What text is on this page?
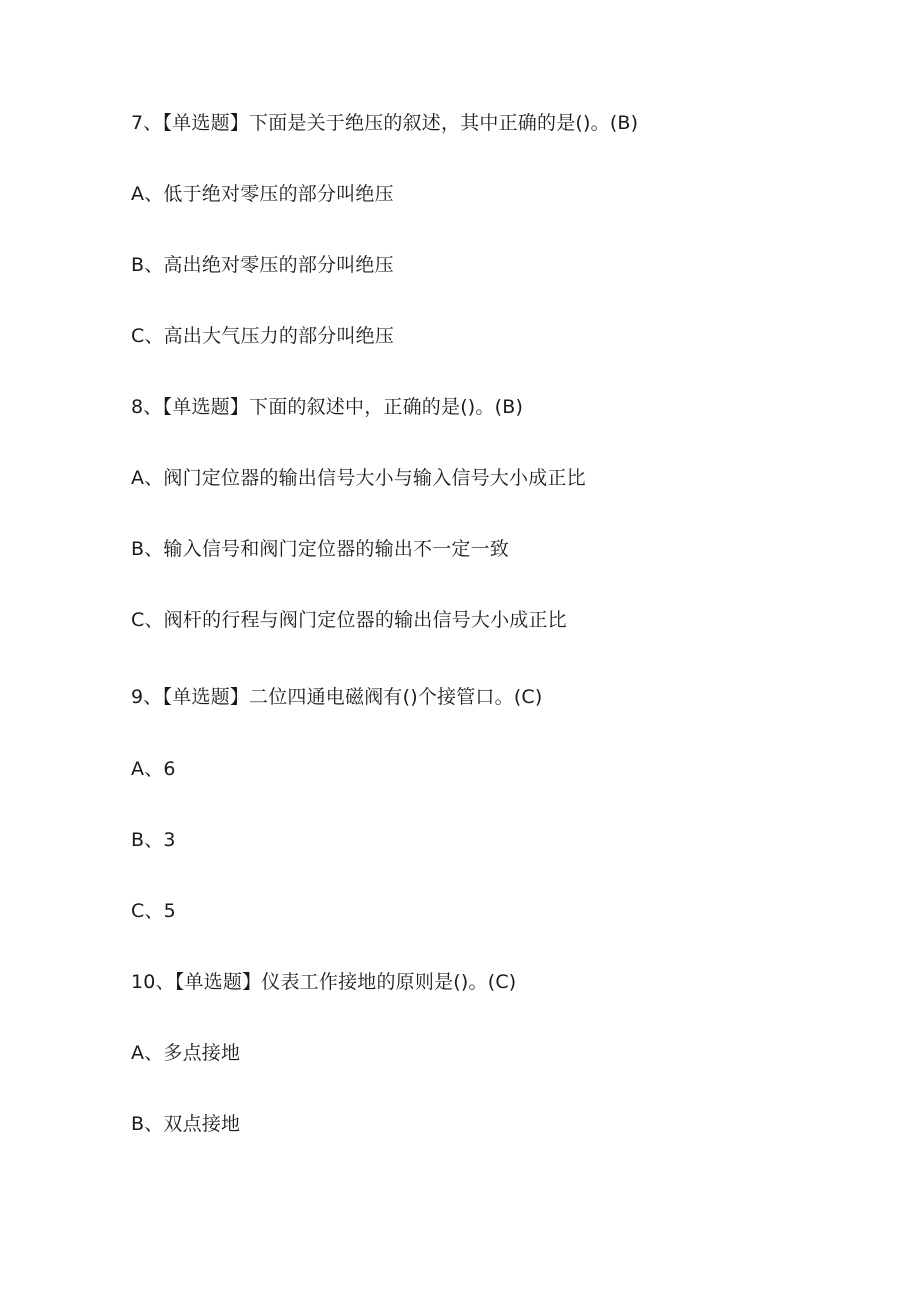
7、【单选题】下面是关于绝压的叙述，其中正确的是()。(B)
A、低于绝对零压的部分叫绝压
B、高出绝对零压的部分叫绝压
C、高出大气压力的部分叫绝压
8、【单选题】下面的叙述中，正确的是()。(B)
A、阀门定位器的输出信号大小与输入信号大小成正比
B、输入信号和阀门定位器的输出不一定一致
C、阀杆的行程与阀门定位器的输出信号大小成正比
9、【单选题】二位四通电磁阀有()个接管口。(C)
A、6
B、3
C、5
10、【单选题】仪表工作接地的原则是()。(C)
A、多点接地
B、双点接地
